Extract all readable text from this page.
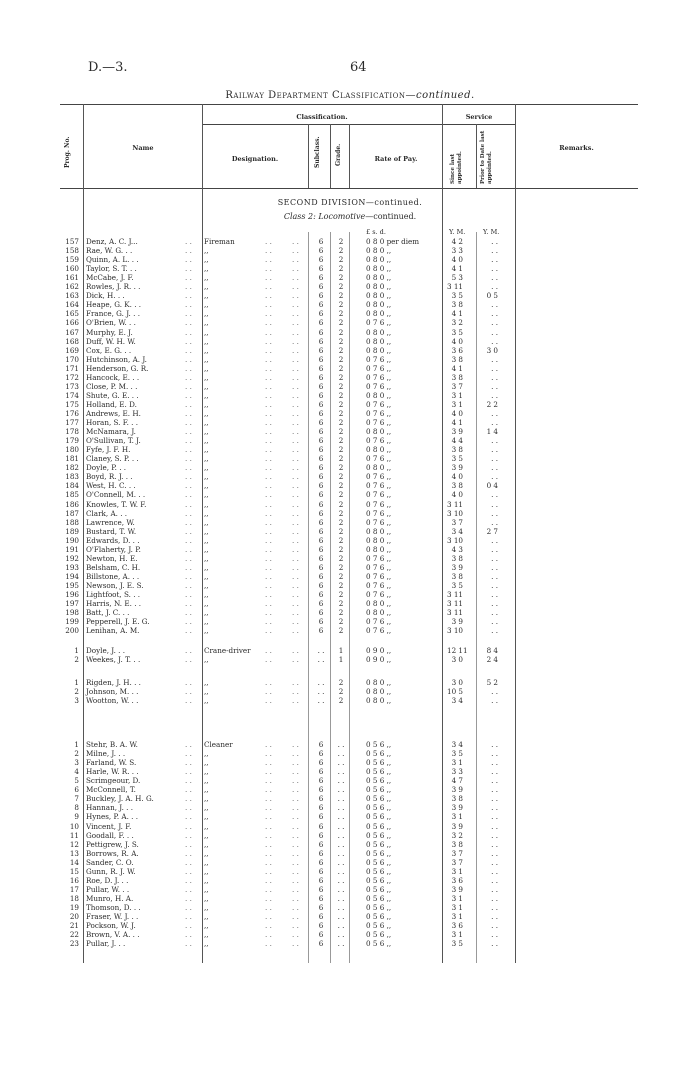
D.—3.	64
Railway Department Classification—continued.
Prog. No.	Name
Classification.
Designation.	Subclass. Grade.	Rate of Pay.
Service
Since last appointed.	Prior to Date last appointed.
Remarks.
SECOND DIVISION—continued.
Class 2: Locomotive—continued.
£ s. d.	Y. M.	Y. M.
157 Denz, A. C. J...	. . Fireman	. .	. .	6	2	0 8 0 per diem	4 2	. .
158 Rae, W. G. . .	. . ,,	. .	. .	6	2	0 8 0 ,,	3 3	. .
159 Quinn, A. L. . .	. . ,,	. .	. .	6	2	0 8 0 ,,	4 0	. .
160 Taylor, S. T. . .	. . ,,	. .	. .	6	2	0 8 0 ,,	4 1	. .
161 McCabe, J. F.	. . ,,	. .	. .	6	2	0 8 0 ,,	5 3	. .
162 Rowles, J. R. . .	. . ,,	. .	. .	6	2	0 8 0 ,,	3 11	. .
163 Dick, H. . .	. . ,,	. .	. .	6	2	0 8 0 ,,	3 5	0 5
164 Heape, G. K. . .	. . ,,	. .	. .	6	2	0 8 0 ,,	3 8	. .
165 France, G. J. . .	. . ,,	. .	. .	6	2	0 8 0 ,,	4 1	. .
166 O'Brien, W. . .	. . ,,	. .	. .	6	2	0 7 6 ,,	3 2	. .
167 Murphy, E. J.	. . ,,	. .	. .	6	2	0 8 0 ,,	3 5	. .
168 Duff, W. H. W.	. . ,,	. .	. .	6	2	0 8 0 ,,	4 0	. .
169 Cox, E. G. . .	. . ,,	. .	. .	6	2	0 8 0 ,,	3 6	3 0
170 Hutchinson, A. J.	. . ,,	. .	. .	6	2	0 7 6 ,,	3 8	. .
171 Henderson, G. R.	. . ,,	. .	. .	6	2	0 7 6 ,,	4 1	. .
172 Hancock, E. . .	. . ,,	. .	. .	6	2	0 7 6 ,,	3 8	. .
173 Close, P. M. . .	. . ,,	. .	. .	6	2	0 7 6 ,,	3 7	. .
174 Shute, G. E. . .	. . ,,	. .	. .	6	2	0 8 0 ,,	3 1	. .
175 Holland, E. D.	. . ,,	. .	. .	6	2	0 7 6 ,,	3 1	2 2
176 Andrews, E. H.	. . ,,	. .	. .	6	2	0 7 6 ,,	4 0	. .
177 Horan, S. F. . .	. . ,,	. .	. .	6	2	0 7 6 ,,	4 1	. .
178 McNamara, J.	. . ,,	. .	. .	6	2	0 8 0 ,,	3 9	1 4
179 O'Sullivan, T. J.	. . ,,	. .	. .	6	2	0 7 6 ,,	4 4	. .
180 Fyfe, J. F. H.	. . ,,	. .	. .	6	2	0 8 0 ,,	3 8	. .
181 Claney, S. P. . .	. . ,,	. .	. .	6	2	0 7 6 ,,	3 5	. .
182 Doyle, P. . .	. . ,,	. .	. .	6	2	0 8 0 ,,	3 9	. .
183 Boyd, R. J. . .	. . ,,	. .	. .	6	2	0 7 6 ,,	4 0	. .
184 West, H. C. . .	. . ,,	. .	. .	6	2	0 7 6 ,,	3 8	0 4
185 O'Connell, M. . .	. . ,,	. .	. .	6	2	0 7 6 ,,	4 0	. .
186 Knowles, T. W. F.	. . ,,	. .	. .	6	2	0 7 6 ,,	3 11	. .
187 Clark, A. . .	. . ,,	. .	. .	6	2	0 7 6 ,,	3 10	. .
188 Lawrence, W.	. . ,,	. .	. .	6	2	0 7 6 ,,	3 7	. .
189 Bustard, T. W.	. . ,,	. .	. .	6	2	0 8 0 ,,	3 4	2 7
190 Edwards, D. . .	. . ,,	. .	. .	6	2	0 8 0 ,,	3 10	. .
191 O'Flaherty, J. P.	. . ,,	. .	. .	6	2	0 8 0 ,,	4 3	. .
192 Newton, H. E.	. . ,,	. .	. .	6	2	0 7 6 ,,	3 8	. .
193 Belsham, C. H.	. . ,,	. .	. .	6	2	0 7 6 ,,	3 9	. .
194 Billstone, A. . .	. . ,,	. .	. .	6	2	0 7 6 ,,	3 8	. .
195 Newson, J. E. S.	. . ,,	. .	. .	6	2	0 7 6 ,,	3 5	. .
196 Lightfoot, S. . .	. . ,,	. .	. .	6	2	0 7 6 ,,	3 11	. .
197 Harris, N. E. . .	. . ,,	. .	. .	6	2	0 8 0 ,,	3 11	. .
198 Batt, J. C. . .	. . ,,	. .	. .	6	2	0 8 0 ,,	3 11	. .
199 Pepperell, J. E. G.	. . ,,	. .	. .	6	2	0 7 6 ,,	3 9	. .
200 Lenihan, A. M.	. . ,,	. .	. .	6	2	0 7 6 ,,	3 10	. .
1 Doyle, J. . .	. . Crane-driver . .	. .	. .	1	0 9 0 ,,	12 11	8 4
2 Weekes, J. T. . .	. . ,,	. .	. .	. .	1	0 9 0 ,,	3 0	2 4
1 Rigden, J. H. . .	. . ,,	. .	. .	. .	2	0 8 0 ,,	3 0	5 2
2 Johnson, M. . .	. . ,,	. .	. .	. .	2	0 8 0 ,,	10 5	. .
3 Wootton, W. . .	. . ,,	. .	. .	. .	2	0 8 0 ,,	3 4	. .
1 Stehr, B. A. W.	. . Cleaner	. .	. .	6	. .	0 5 6 ,,	3 4	. .
2 Milne, J. . .	. . ,,	. .	. .	6	. .	0 5 6 ,,	3 5	. .
3 Farland, W. S.	. . ,,	. .	. .	6	. .	0 5 6 ,,	3 1	. .
4 Harle, W. R. . .	. . ,,	. .	. .	6	. .	0 5 6 ,,	3 3	. .
5 Scrimgeour, D.	. . ,,	. .	. .	6	. .	0 5 6 ,,	4 7	. .
6 McConnell, T.	. . ,,	. .	. .	6	. .	0 5 6 ,,	3 9	. .
7 Buckley, J. A. H. G.	. . ,,	. .	. .	6	. .	0 5 6 ,,	3 8	. .
8 Hannan, J. . .	. . ,,	. .	. .	6	. .	0 5 6 ,,	3 9	. .
9 Hynes, P. A. . .	. . ,,	. .	. .	6	. .	0 5 6 ,,	3 1	. .
10 Vincent, J. F.	. . ,,	. .	. .	6	. .	0 5 6 ,,	3 9	. .
11 Goodall, F. . .	. . ,,	. .	. .	6	. .	0 5 6 ,,	3 2	. .
12 Pettigrew, J. S.	. . ,,	. .	. .	6	. .	0 5 6 ,,	3 8	. .
13 Borrows, R. A.	. . ,,	. .	. .	6	. .	0 5 6 ,,	3 7	. .
14 Sander, C. O.	. . ,,	. .	. .	6	. .	0 5 6 ,,	3 7	. .
15 Gunn, R. J. W.	. . ,,	. .	. .	6	. .	0 5 6 ,,	3 1	. .
16 Roe, D. J. . .	. . ,,	. .	. .	6	. .	0 5 6 ,,	3 6	. .
17 Pullar, W. . .	. . ,,	. .	. .	6	. .	0 5 6 ,,	3 9	. .
18 Munro, H. A.	. . ,,	. .	. .	6	. .	0 5 6 ,,	3 1	. .
19 Thomson, D. . .	. . ,,	. .	. .	6	. .	0 5 6 ,,	3 1	. .
20 Fraser, W. J. . .	. . ,,	. .	. .	6	. .	0 5 6 ,,	3 1	. .
21 Pockson, W. J.	. . ,,	. .	. .	6	. .	0 5 6 ,,	3 6	. .
22 Brown, V. A. . .	. . ,,	. .	. .	6	. .	0 5 6 ,,	3 1	. .
23 Pullar, J. . .	. . ,,	. .	. .	6	. .	0 5 6 ,,	3 5	. .
